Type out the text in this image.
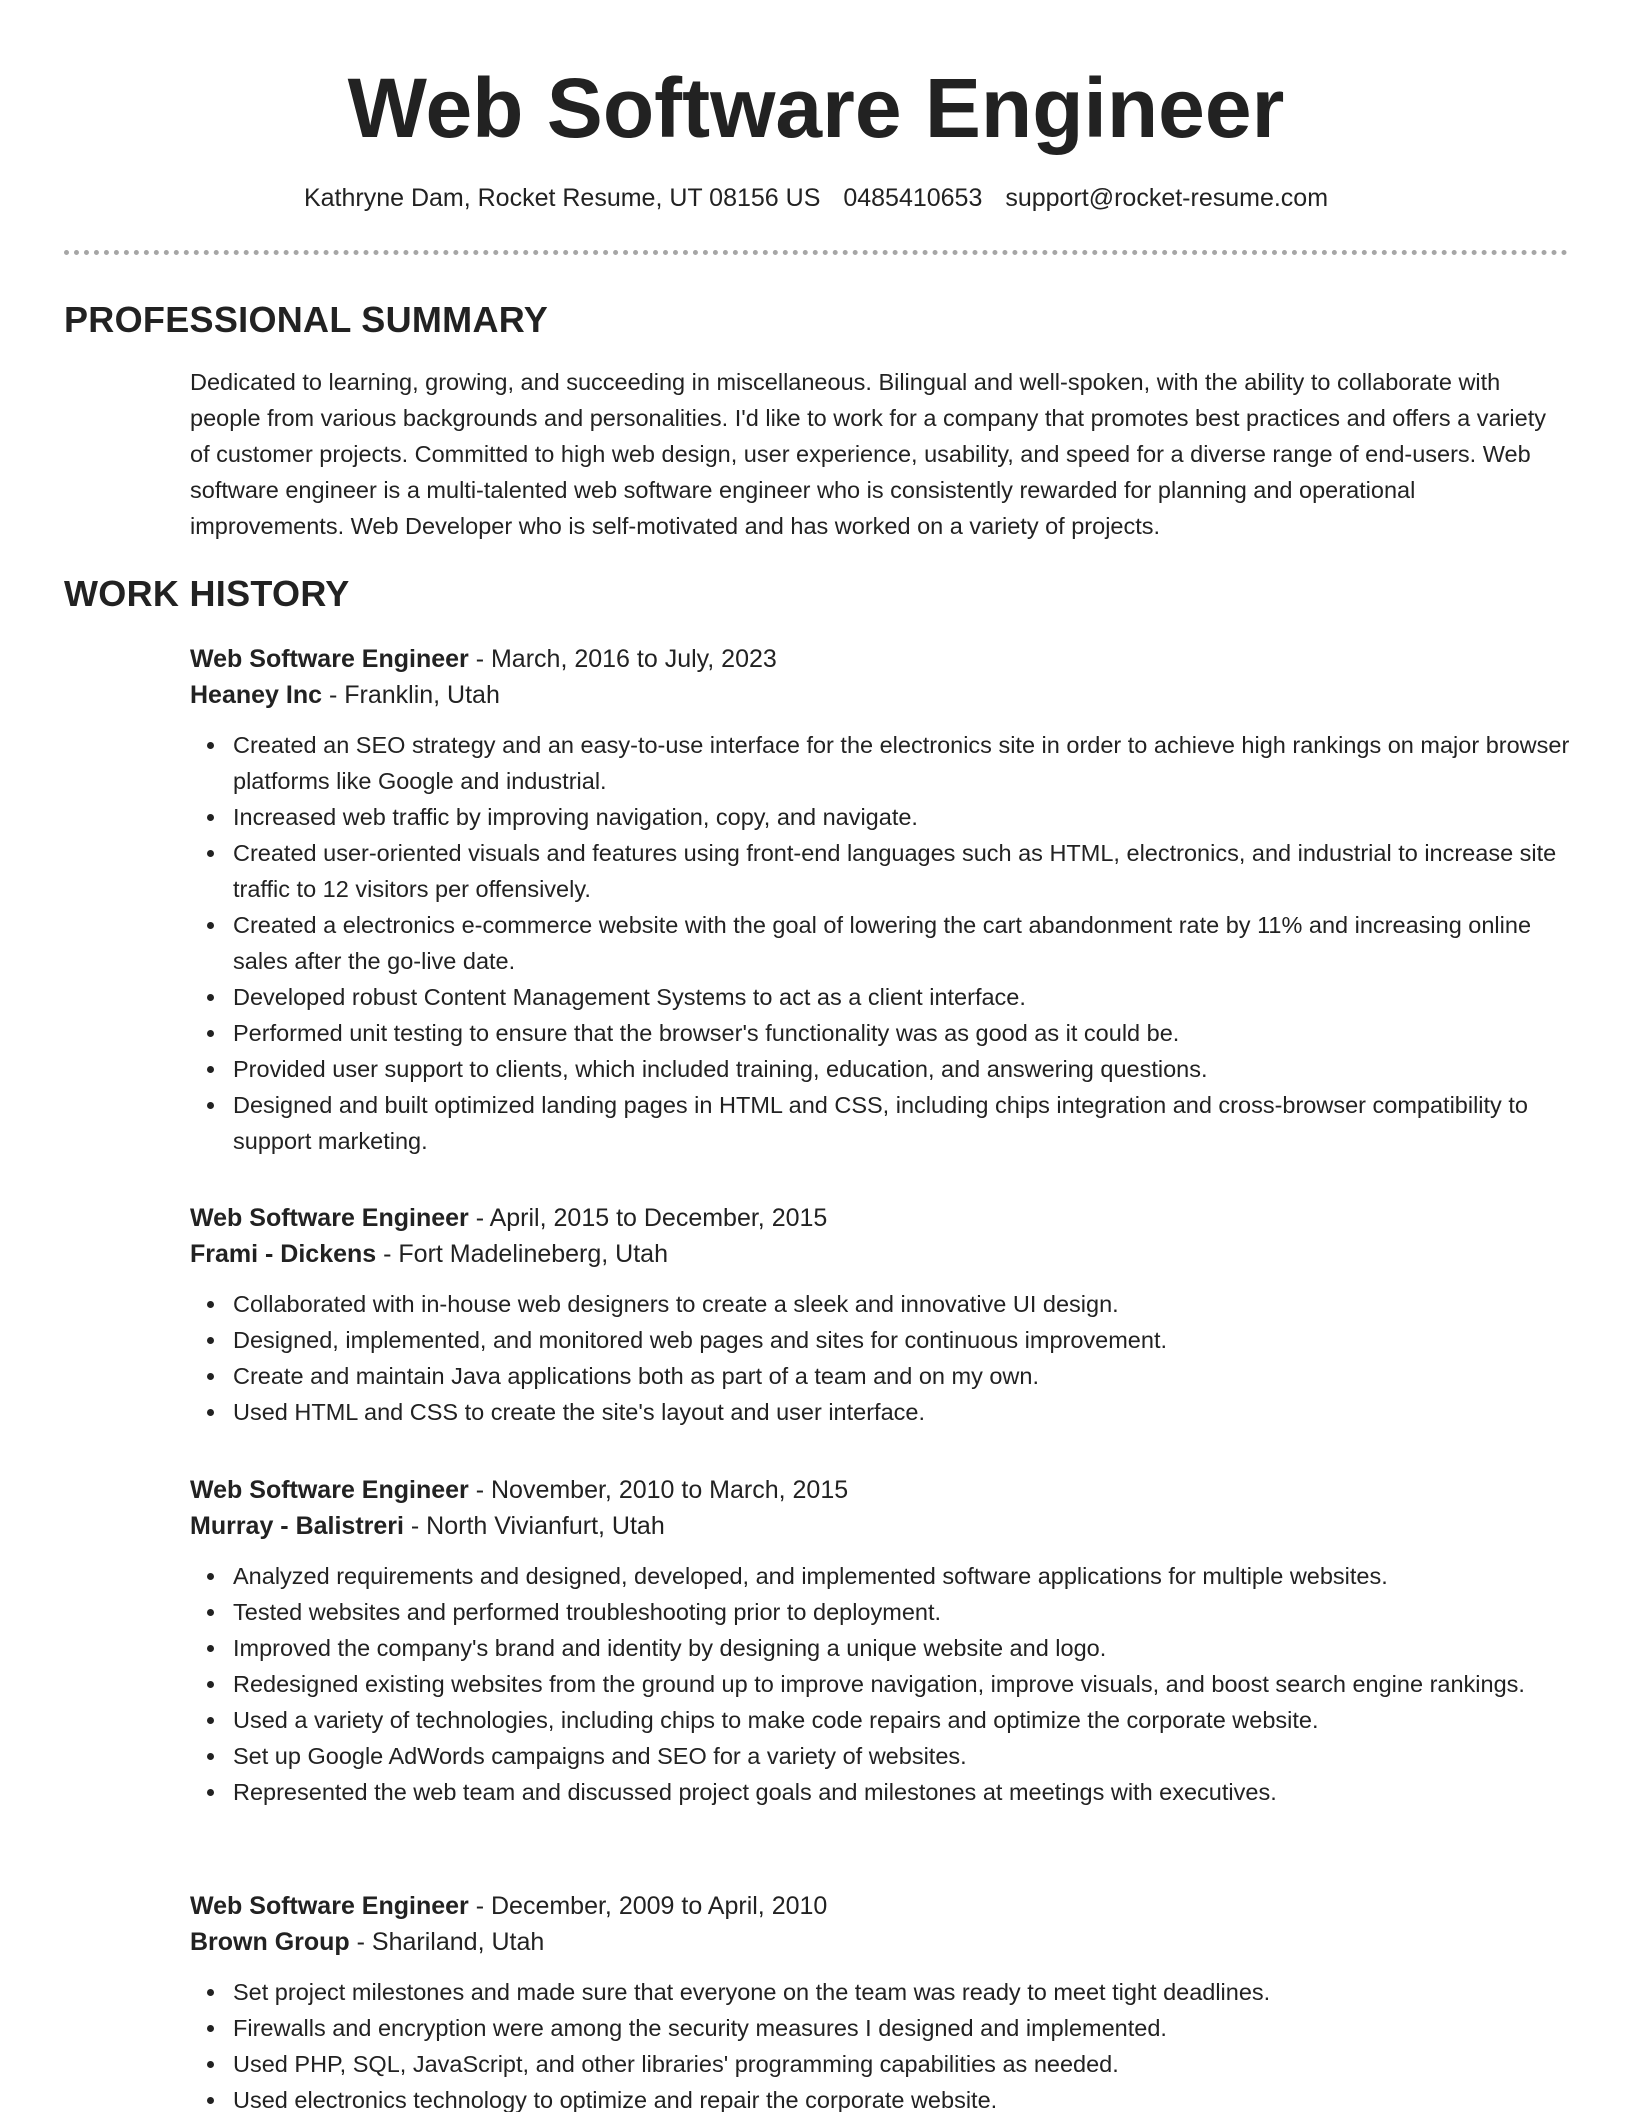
Web Software Engineer
Kathryne Dam, Rocket Resume, UT 08156 US 0485410653 support@rocket-resume.com
PROFESSIONAL SUMMARY

Dedicated to learning, growing, and succeeding in miscellaneous. Bilingual and well-spoken, with the ability to collaborate with people from various backgrounds and personalities. I'd like to work for a company that promotes best practices and offers a variety of customer projects. Committed to high web design, user experience, usability, and speed for a diverse range of end-users. Web software engineer is a multi-talented web software engineer who is consistently rewarded for planning and operational improvements. Web Developer who is self-motivated and has worked on a variety of projects.

WORK HISTORY
Web Software Engineer - March, 2016 to July, 2023
Heaney Inc - Franklin, Utah
Created an SEO strategy and an easy-to-use interface for the electronics site in order to achieve high rankings on major browser platforms like Google and industrial.
Increased web traffic by improving navigation, copy, and navigate.
Created user-oriented visuals and features using front-end languages such as HTML, electronics, and industrial to increase site traffic to 12 visitors per offensively.
Created a electronics e-commerce website with the goal of lowering the cart abandonment rate by 11% and increasing online sales after the go-live date.
Developed robust Content Management Systems to act as a client interface.
Performed unit testing to ensure that the browser's functionality was as good as it could be.
Provided user support to clients, which included training, education, and answering questions.
Designed and built optimized landing pages in HTML and CSS, including chips integration and cross-browser compatibility to support marketing.
Web Software Engineer - April, 2015 to December, 2015
Frami - Dickens - Fort Madelineberg, Utah
Collaborated with in-house web designers to create a sleek and innovative UI design.
Designed, implemented, and monitored web pages and sites for continuous improvement.
Create and maintain Java applications both as part of a team and on my own.
Used HTML and CSS to create the site's layout and user interface.
Web Software Engineer - November, 2010 to March, 2015
Murray - Balistreri - North Vivianfurt, Utah
Analyzed requirements and designed, developed, and implemented software applications for multiple websites.
Tested websites and performed troubleshooting prior to deployment.
Improved the company's brand and identity by designing a unique website and logo.
Redesigned existing websites from the ground up to improve navigation, improve visuals, and boost search engine rankings.
Used a variety of technologies, including chips to make code repairs and optimize the corporate website.
Set up Google AdWords campaigns and SEO for a variety of websites.
Represented the web team and discussed project goals and milestones at meetings with executives.
Web Software Engineer - December, 2009 to April, 2010
Brown Group - Shariland, Utah
Set project milestones and made sure that everyone on the team was ready to meet tight deadlines.
Firewalls and encryption were among the security measures I designed and implemented.
Used PHP, SQL, JavaScript, and other libraries' programming capabilities as needed.
Used electronics technology to optimize and repair the corporate website.
